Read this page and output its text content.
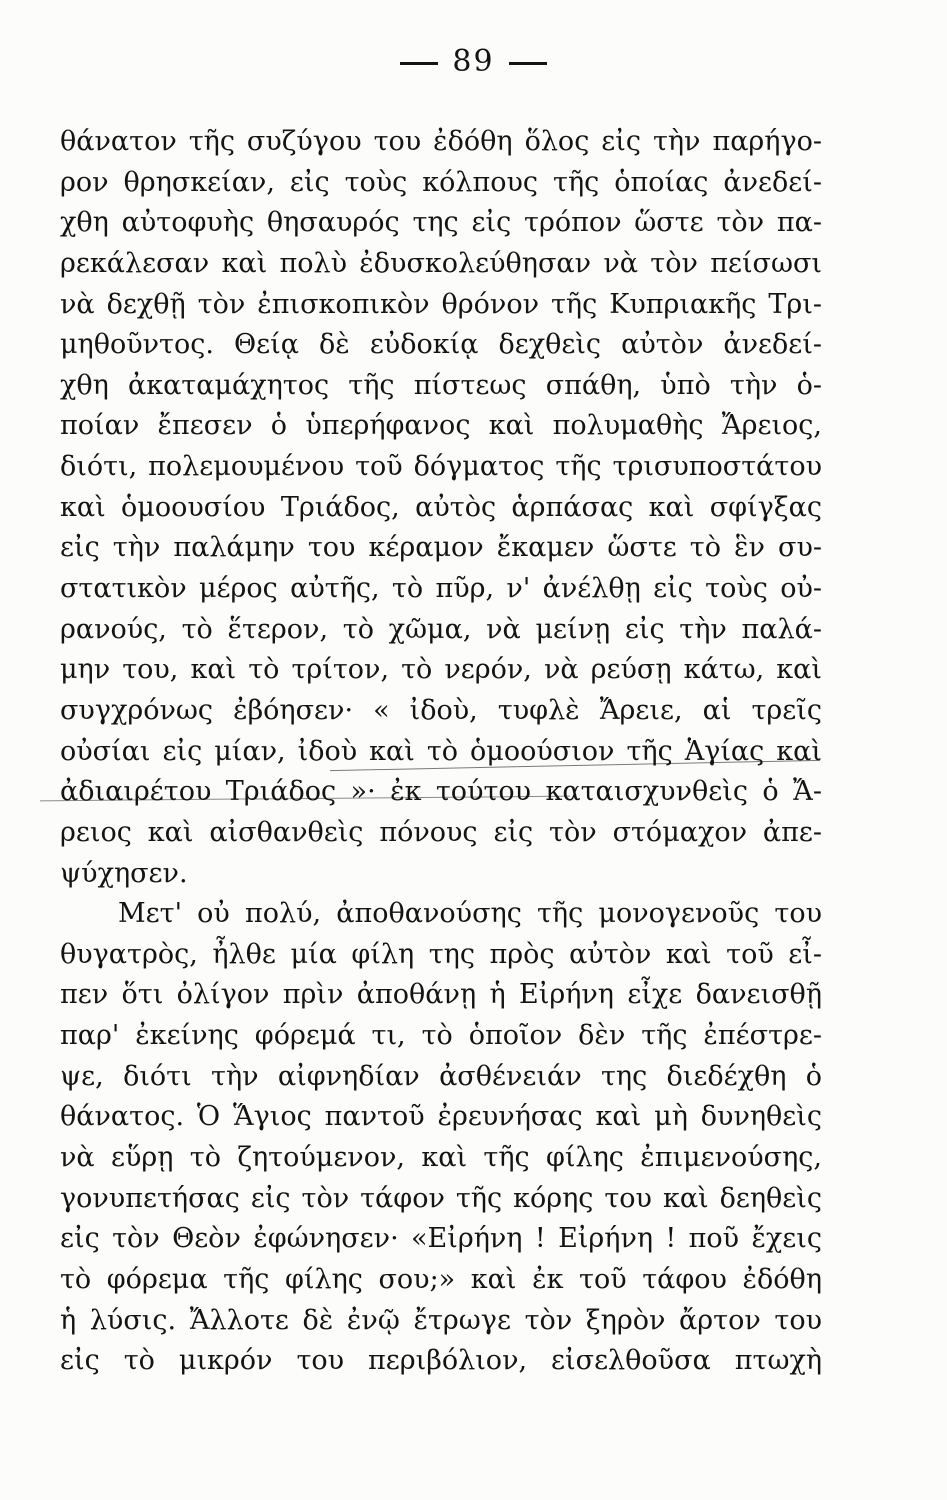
89
θάνατον τῆς συζύγου του ἐδόθη ὅλος εἰς τὴν παρήγο-
ρον θρησκείαν, εἰς τοὺς κόλπους τῆς ὁποίας ἀνεδεί-
χθη αὐτοφυὴς θησαυρός της εἰς τρόπον ὥστε τὸν πα-
ρεκάλεσαν καὶ πολὺ ἐδυσκολεύθησαν νὰ τὸν πείσωσι
νὰ δεχθῇ τὸν ἐπισκοπικὸν θρόνον τῆς Κυπριακῆς Τρι-
μηθοῦντος. Θείᾳ δὲ εὐδοκίᾳ δεχθεὶς αὐτὸν ἀνεδεί-
χθη ἀκαταμάχητος τῆς πίστεως σπάθη, ὑπὸ τὴν ὁ-
ποίαν ἔπεσεν ὁ ὑπερήφανος καὶ πολυμαθὴς Ἄρειος,
διότι, πολεμουμένου τοῦ δόγματος τῆς τρισυποστάτου
καὶ ὁμοουσίου Τριάδος, αὐτὸς ἁρπάσας καὶ σφίγξας
εἰς τὴν παλάμην του κέραμον ἔκαμεν ὥστε τὸ ἓν συ-
στατικὸν μέρος αὐτῆς, τὸ πῦρ, ν' ἀνέλθῃ εἰς τοὺς οὐ-
ρανούς, τὸ ἕτερον, τὸ χῶμα, νὰ μείνῃ εἰς τὴν παλά-
μην του, καὶ τὸ τρίτον, τὸ νερόν, νὰ ρεύσῃ κάτω, καὶ
συγχρόνως ἐβόησεν· « ἰδοὺ, τυφλὲ Ἄρειε, αἱ τρεῖς
οὐσίαι εἰς μίαν, ἰδοὺ καὶ τὸ ὁμοούσιον τῆς Ἁγίας καὶ
ἀδιαιρέτου Τριάδος »· ἐκ τούτου καταισχυνθεὶς ὁ Ἄ-
ρειος καὶ αἰσθανθεὶς πόνους εἰς τὸν στόμαχον ἀπε-
ψύχησεν.
Μετ' οὐ πολύ, ἀποθανούσης τῆς μονογενοῦς του
θυγατρὸς, ἦλθε μία φίλη της πρὸς αὐτὸν καὶ τοῦ εἶ-
πεν ὅτι ὀλίγον πρὶν ἀποθάνῃ ἡ Εἰρήνη εἶχε δανεισθῇ
παρ' ἐκείνης φόρεμά τι, τὸ ὁποῖον δὲν τῆς ἐπέστρε-
ψε, διότι τὴν αἰφνηδίαν ἀσθένειάν της διεδέχθη ὁ
θάνατος. Ὁ Ἅγιος παντοῦ ἐρευνήσας καὶ μὴ δυνηθεὶς
νὰ εὕρῃ τὸ ζητούμενον, καὶ τῆς φίλης ἐπιμενούσης,
γονυπετήσας εἰς τὸν τάφον τῆς κόρης του καὶ δεηθεὶς
εἰς τὸν Θεὸν ἐφώνησεν· «Εἰρήνη ! Εἰρήνη ! ποῦ ἔχεις
τὸ φόρεμα τῆς φίλης σου;» καὶ ἐκ τοῦ τάφου ἐδόθη
ἡ λύσις. Ἄλλοτε δὲ ἐνῷ ἔτρωγε τὸν ξηρὸν ἄρτον του
εἰς τὸ μικρόν του περιβόλιον, εἰσελθοῦσα πτωχὴ
